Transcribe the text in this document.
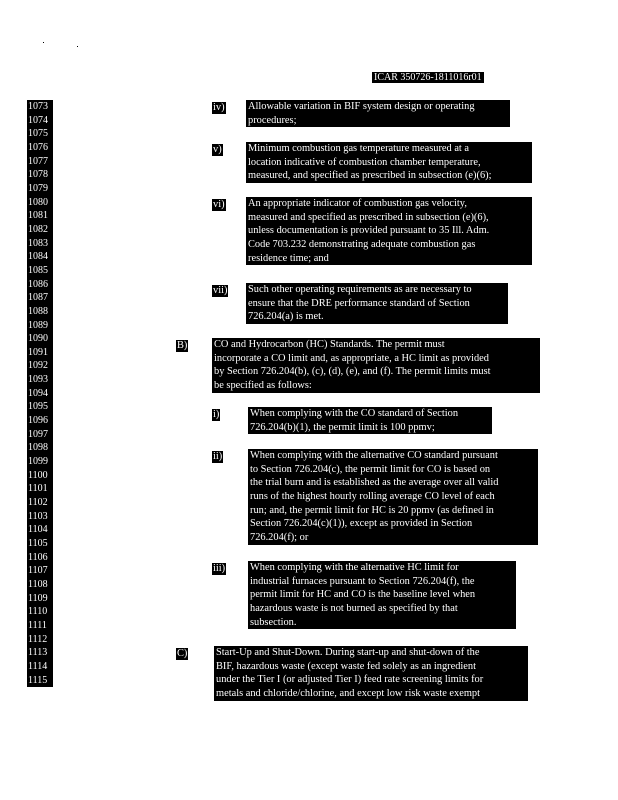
ICAR 350726-1811016r01
1073
1074
1075
1076
1077
1078
1079
1080
1081
1082
1083
1084
1085
1086
1087
1088
1089
1090
1091
1092
1093
1094
1095
1096
1097
1098
1099
1100
1101
1102
1103
1104
1105
1106
1107
1108
1109
1110
1111
1112
1113
1114
1115
iv) Allowable variation in BIF system design or operating
procedures;
v)	Minimum combustion gas temperature measured at a
location indicative of combustion chamber temperature,
measured, and specified as prescribed in subsection (e)(6);
vi) An appropriate indicator of combustion gas velocity,
measured and specified as prescribed in subsection (e)(6),
unless documentation is provided pursuant to 35 Ill. Adm.
Code 703.232 demonstrating adequate combustion gas
residence time; and
vii) Such other operating requirements as are necessary to
ensure that the DRE performance standard of Section
726.204(a) is met.
B)	CO and Hydrocarbon (HC) Standards. The permit must
incorporate a CO limit and, as appropriate, a HC limit as provided
by Section 726.204(b), (c), (d), (e), and (f). The permit limits must
be specified as follows:
i)	When complying with the CO standard of Section
726.204(b)(1), the permit limit is 100 ppmv;
ii)	When complying with the alternative CO standard pursuant
to Section 726.204(c), the permit limit for CO is based on
the trial burn and is established as the average over all valid
runs of the highest hourly rolling average CO level of each
run; and, the permit limit for HC is 20 ppmv (as defined in
Section 726.204(c)(1)), except as provided in Section
726.204(f); or
iii) When complying with the alternative HC limit for
industrial furnaces pursuant to Section 726.204(f), the
permit limit for HC and CO is the baseline level when
hazardous waste is not burned as specified by that
subsection.
C)	Start-Up and Shut-Down. During start-up and shut-down of the
BIF, hazardous waste (except waste fed solely as an ingredient
under the Tier I (or adjusted Tier I) feed rate screening limits for
metals and chloride/chlorine, and except low risk waste exempt
